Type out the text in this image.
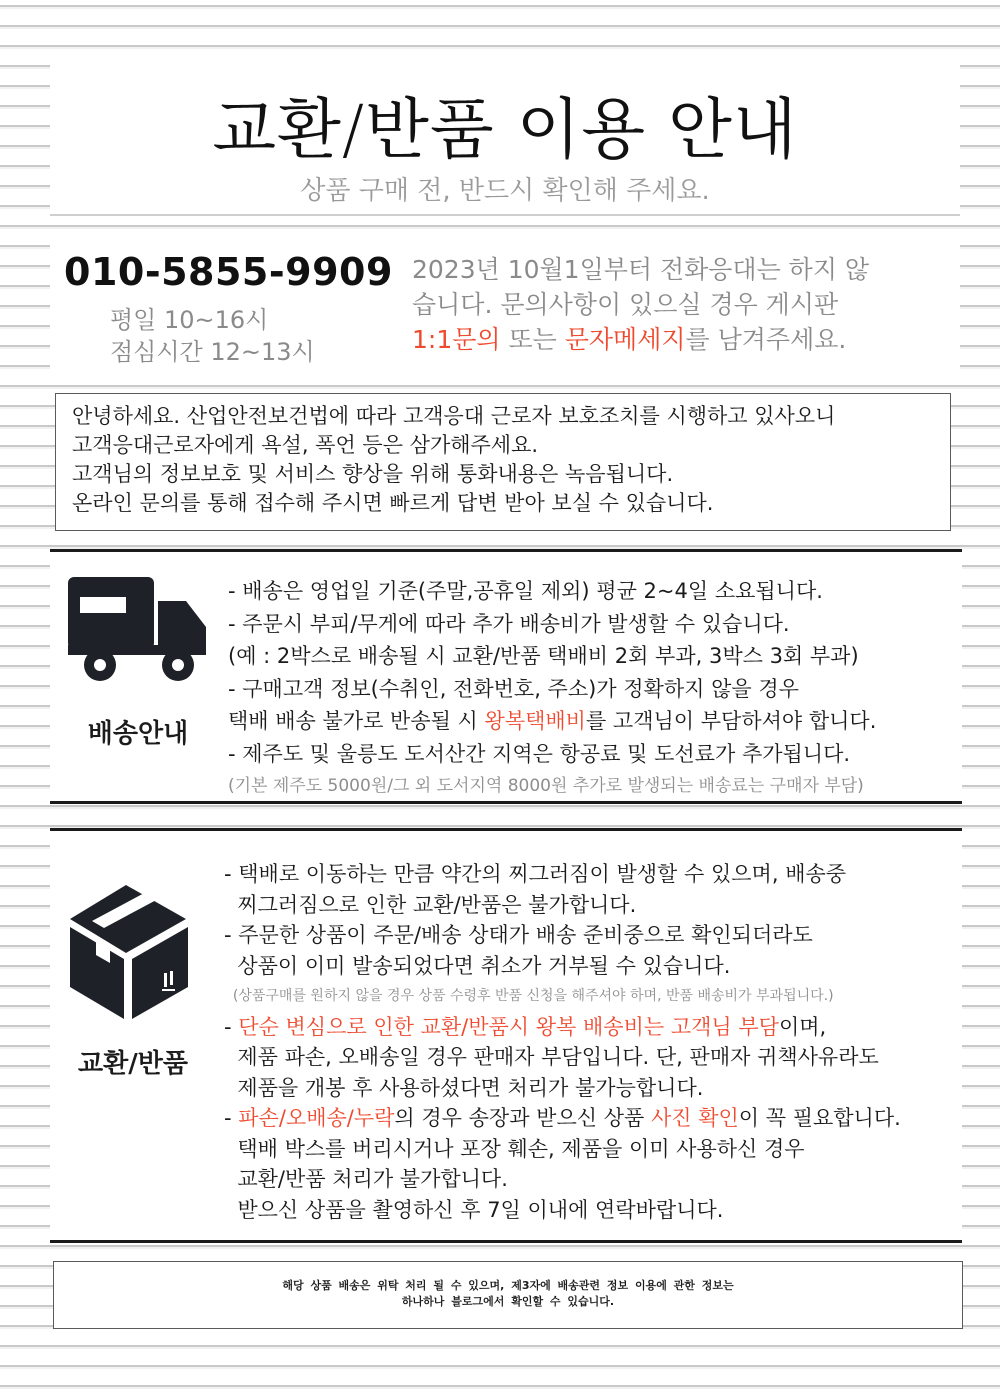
교환/반품 이용 안내
상품 구매 전, 반드시 확인해 주세요.
010-5855-9909
평일 10~16시
점심시간 12~13시
2023년 10월1일부터 전화응대는 하지 않
습니다. 문의사항이 있으실 경우 게시판
1:1문의 또는 문자메세지를 남겨주세요.
안녕하세요. 산업안전보건법에 따라 고객응대 근로자 보호조치를 시행하고 있사오니
고객응대근로자에게 욕설, 폭언 등은 삼가해주세요.
고객님의 정보보호 및 서비스 향상을 위해 통화내용은 녹음됩니다.
온라인 문의를 통해 접수해 주시면 빠르게 답변 받아 보실 수 있습니다.
배송안내
- 배송은 영업일 기준(주말,공휴일 제외) 평균 2~4일 소요됩니다.
- 주문시 부피/무게에 따라 추가 배송비가 발생할 수 있습니다.
(예 : 2박스로 배송될 시 교환/반품 택배비 2회 부과, 3박스 3회 부과)
- 구매고객 정보(수취인, 전화번호, 주소)가 정확하지 않을 경우
택배 배송 불가로 반송될 시 왕복택배비를 고객님이 부담하셔야 합니다.
- 제주도 및 울릉도 도서산간 지역은 항공료 및 도선료가 추가됩니다.
(기본 제주도 5000원/그 외 도서지역 8000원 추가로 발생되는 배송료는 구매자 부담)
교환/반품
- 택배로 이동하는 만큼 약간의 찌그러짐이 발생할 수 있으며, 배송중
찌그러짐으로 인한 교환/반품은 불가합니다.
- 주문한 상품이 주문/배송 상태가 배송 준비중으로 확인되더라도
상품이 이미 발송되었다면 취소가 거부될 수 있습니다.
(상품구매를 원하지 않을 경우 상품 수령후 반품 신청을 해주셔야 하며, 반품 배송비가 부과됩니다.)
- 단순 변심으로 인한 교환/반품시 왕복 배송비는 고객님 부담이며,
제품 파손, 오배송일 경우 판매자 부담입니다. 단, 판매자 귀책사유라도
제품을 개봉 후 사용하셨다면 처리가 불가능합니다.
- 파손/오배송/누락의 경우 송장과 받으신 상품 사진 확인이 꼭 필요합니다.
택배 박스를 버리시거나 포장 훼손, 제품을 이미 사용하신 경우
교환/반품 처리가 불가합니다.
받으신 상품을 촬영하신 후 7일 이내에 연락바랍니다.
해당 상품 배송은 위탁 처리 될 수 있으며, 제3자에 배송관련 정보 이용에 관한 정보는
하나하나 블로그에서 확인할 수 있습니다.
